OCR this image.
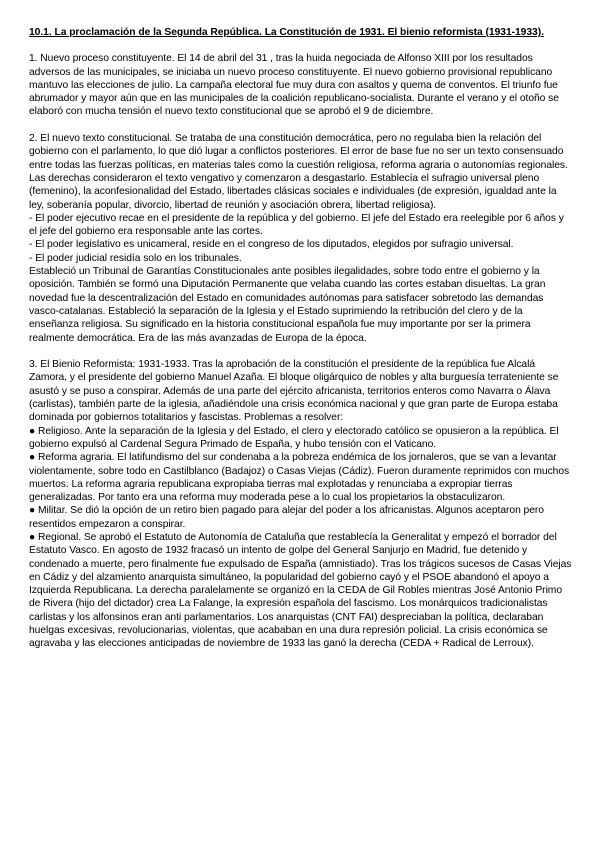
10.1. La proclamación de la Segunda República. La Constitución de 1931. El bienio reformista (1931-1933).

1. Nuevo proceso constituyente. El 14 de abril del 31 , tras la huida negociada de Alfonso XIII por los resultados adversos de las municipales, se iniciaba un nuevo proceso constituyente. El nuevo gobierno provisional republicano mantuvo las elecciones de julio. La campaña electoral fue muy dura con asaltos y quema de conventos. El triunfo fue abrumador y mayor aún que en las municipales de la coalición republicano-socialista. Durante el verano y el otoño se elaboró con mucha tensión el nuevo texto constitucional que se aprobó el 9 de diciembre.

2. El nuevo texto constitucional. Se trataba de una constitución democrática, pero no regulaba bien la relación del gobierno con el parlamento, lo que dió lugar a conflictos posteriores. El error de base fue no ser un texto consensuado entre todas las fuerzas políticas, en materias tales como la cuestión religiosa, reforma agraria o autonomías regionales. Las derechas consideraron el texto vengativo y comenzaron a desgastarlo. Establecía el sufragio universal pleno (femenino), la aconfesionalidad del Estado, libertades clásicas sociales e individuales (de expresión, igualdad ante la ley, soberanía popular, divorcio, libertad de reunión y asociación obrera, libertad religiosa).

- El poder ejecutivo recae en el presidente de la república y del gobierno. El jefe del Estado era reelegible por 6 años y el jefe del gobierno era responsable ante las cortes.

- El poder legislativo es unicameral, reside en el congreso de los diputados, elegidos por sufragio universal.

- El poder judicial residía solo en los tribunales.

Estableció un Tribunal de Garantías Constitucionales ante posibles ilegalidades, sobre todo entre el gobierno y la oposición. También se formó una Diputación Permanente que velaba cuando las cortes estaban disueltas. La gran novedad fue la descentralización del Estado en comunidades autónomas para satisfacer sobretodo las demandas vasco-catalanas. Estableció la separación de la Iglesia y el Estado suprimiendo la retribución del clero y de la enseñanza religiosa. Su significado en la historia constitucional española fue muy importante por ser la primera realmente democrática. Era de las más avanzadas de Europa de la época.

3. El Bienio Reformista: 1931-1933. Tras la aprobación de la constitución el presidente de la república fue Alcalá Zamora, y el presidente del gobierno Manuel Azaña. El bloque oligárquico de nobles y alta burguesía terrateniente se asustó y se puso a conspirar. Además de una parte del ejército africanista, territorios enteros como Navarra o Álava (carlistas), también parte de la iglesia, añadiéndole una crisis económica nacional y que gran parte de Europa estaba dominada por gobiernos totalitarios y fascistas. Problemas a resolver:

● Religioso. Ante la separación de la Iglesia y del Estado, el clero y electorado católico se opusieron a la república. El gobierno expulsó al Cardenal Segura Primado de España, y hubo tensión con el Vaticano.

● Reforma agraria. El latifundismo del sur condenaba a la pobreza endémica de los jornaleros, que se van a levantar violentamente, sobre todo en Castilblanco (Badajoz) o Casas Viejas (Cádiz). Fueron duramente reprimidos con muchos muertos. La reforma agraria republicana expropiaba tierras mal explotadas y renunciaba a expropiar tierras generalizadas. Por tanto era una reforma muy moderada pese a lo cual los propietarios la obstaculizaron.

● Militar. Se dió la opción de un retiro bien pagado para alejar del poder a los africanistas. Algunos aceptaron pero resentidos empezaron a conspirar.

● Regional. Se aprobó el Estatuto de Autonomía de Cataluña que restablecía la Generalitat y empezó el borrador del Estatuto Vasco. En agosto de 1932 fracasó un intento de golpe del General Sanjurjo en Madrid, fue detenido y condenado a muerte, pero finalmente fue expulsado de España (amnistiado). Tras los trágicos sucesos de Casas Viejas en Cádiz y del alzamiento anarquista simultáneo, la popularidad del gobierno cayó y el PSOE abandonó el apoyo a Izquierda Republicana. La derecha paralelamente se organizó en la CEDA de Gil Robles mientras José Antonio Primo de Rivera (hijo del dictador) crea La Falange, la expresión española del fascismo. Los monárquicos tradicionalistas carlistas y los alfonsinos eran anti parlamentarios. Los anarquistas (CNT FAI) despreciaban la política, declaraban huelgas excesivas, revolucionarias, violentas, que acababan en una dura represión policial. La crisis económica se agravaba y las elecciones anticipadas de noviembre de 1933 las ganó la derecha (CEDA + Radical de Lerroux).
